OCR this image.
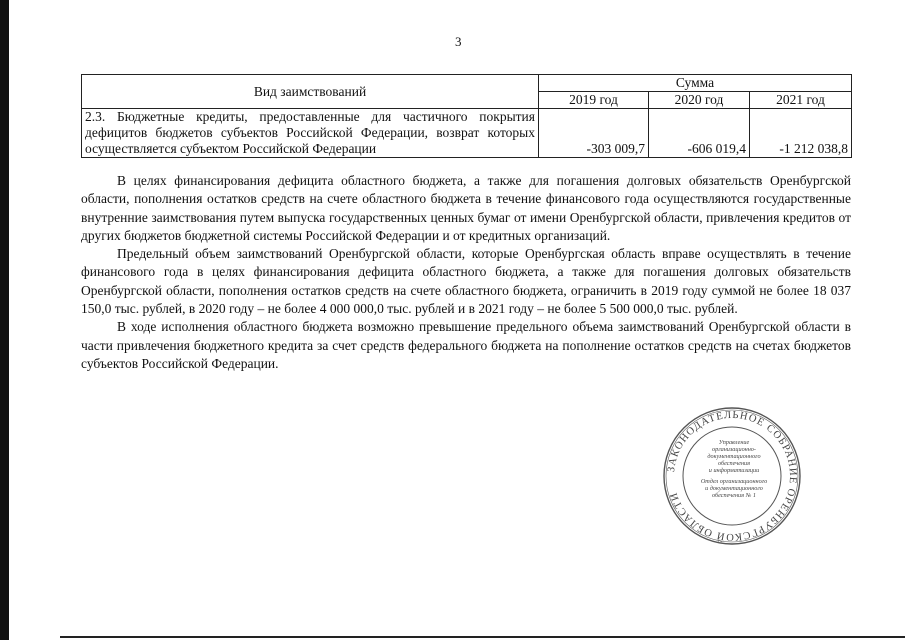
3
Вид заимствований	Сумма		
	2019 год	2020 год	2021 год
2.3. Бюджетные кредиты, предоставленные для частичного покрытия дефицитов бюджетов субъектов Российской Федерации, возврат которых осуществляется субъектом Российской Федерации	-303 009,7	-606 019,4	-1 212 038,8

В целях финансирования дефицита областного бюджета, а также для погашения долговых обязательств Оренбургской области, пополнения остатков средств на счете областного бюджета в течение финансового года осуществляются государственные внутренние заимствования путем выпуска государственных ценных бумаг от имени Оренбургской области, привлечения кредитов от других бюджетов бюджетной системы Российской Федерации и от кредитных организаций.

Предельный объем заимствований Оренбургской области, которые Оренбургская область вправе осуществлять в течение финансового года в целях финансирования дефицита областного бюджета, а также для погашения долговых обязательств Оренбургской области, пополнения остатков средств на счете областного бюджета, ограничить в 2019 году суммой не более 18 037 150,0 тыс. рублей, в 2020 году – не более 4 000 000,0 тыс. рублей и в 2021 году – не более 5 500 000,0 тыс. рублей.

В ходе исполнения областного бюджета возможно превышение предельного объема заимствований Оренбургской области в части привлечения бюджетного кредита за счет средств федерального бюджета на пополнение остатков средств на счетах бюджетов субъектов Российской Федерации.

ЗАКОНОДАТЕЛЬНОЕ СОБРАНИЕ ОРЕНБУРГСКОЙ ОБЛАСТИ
Управление
организационно-
документационного
обеспечения
и информатизации
Отдел организационного
и документационного
обеспечения № 1
